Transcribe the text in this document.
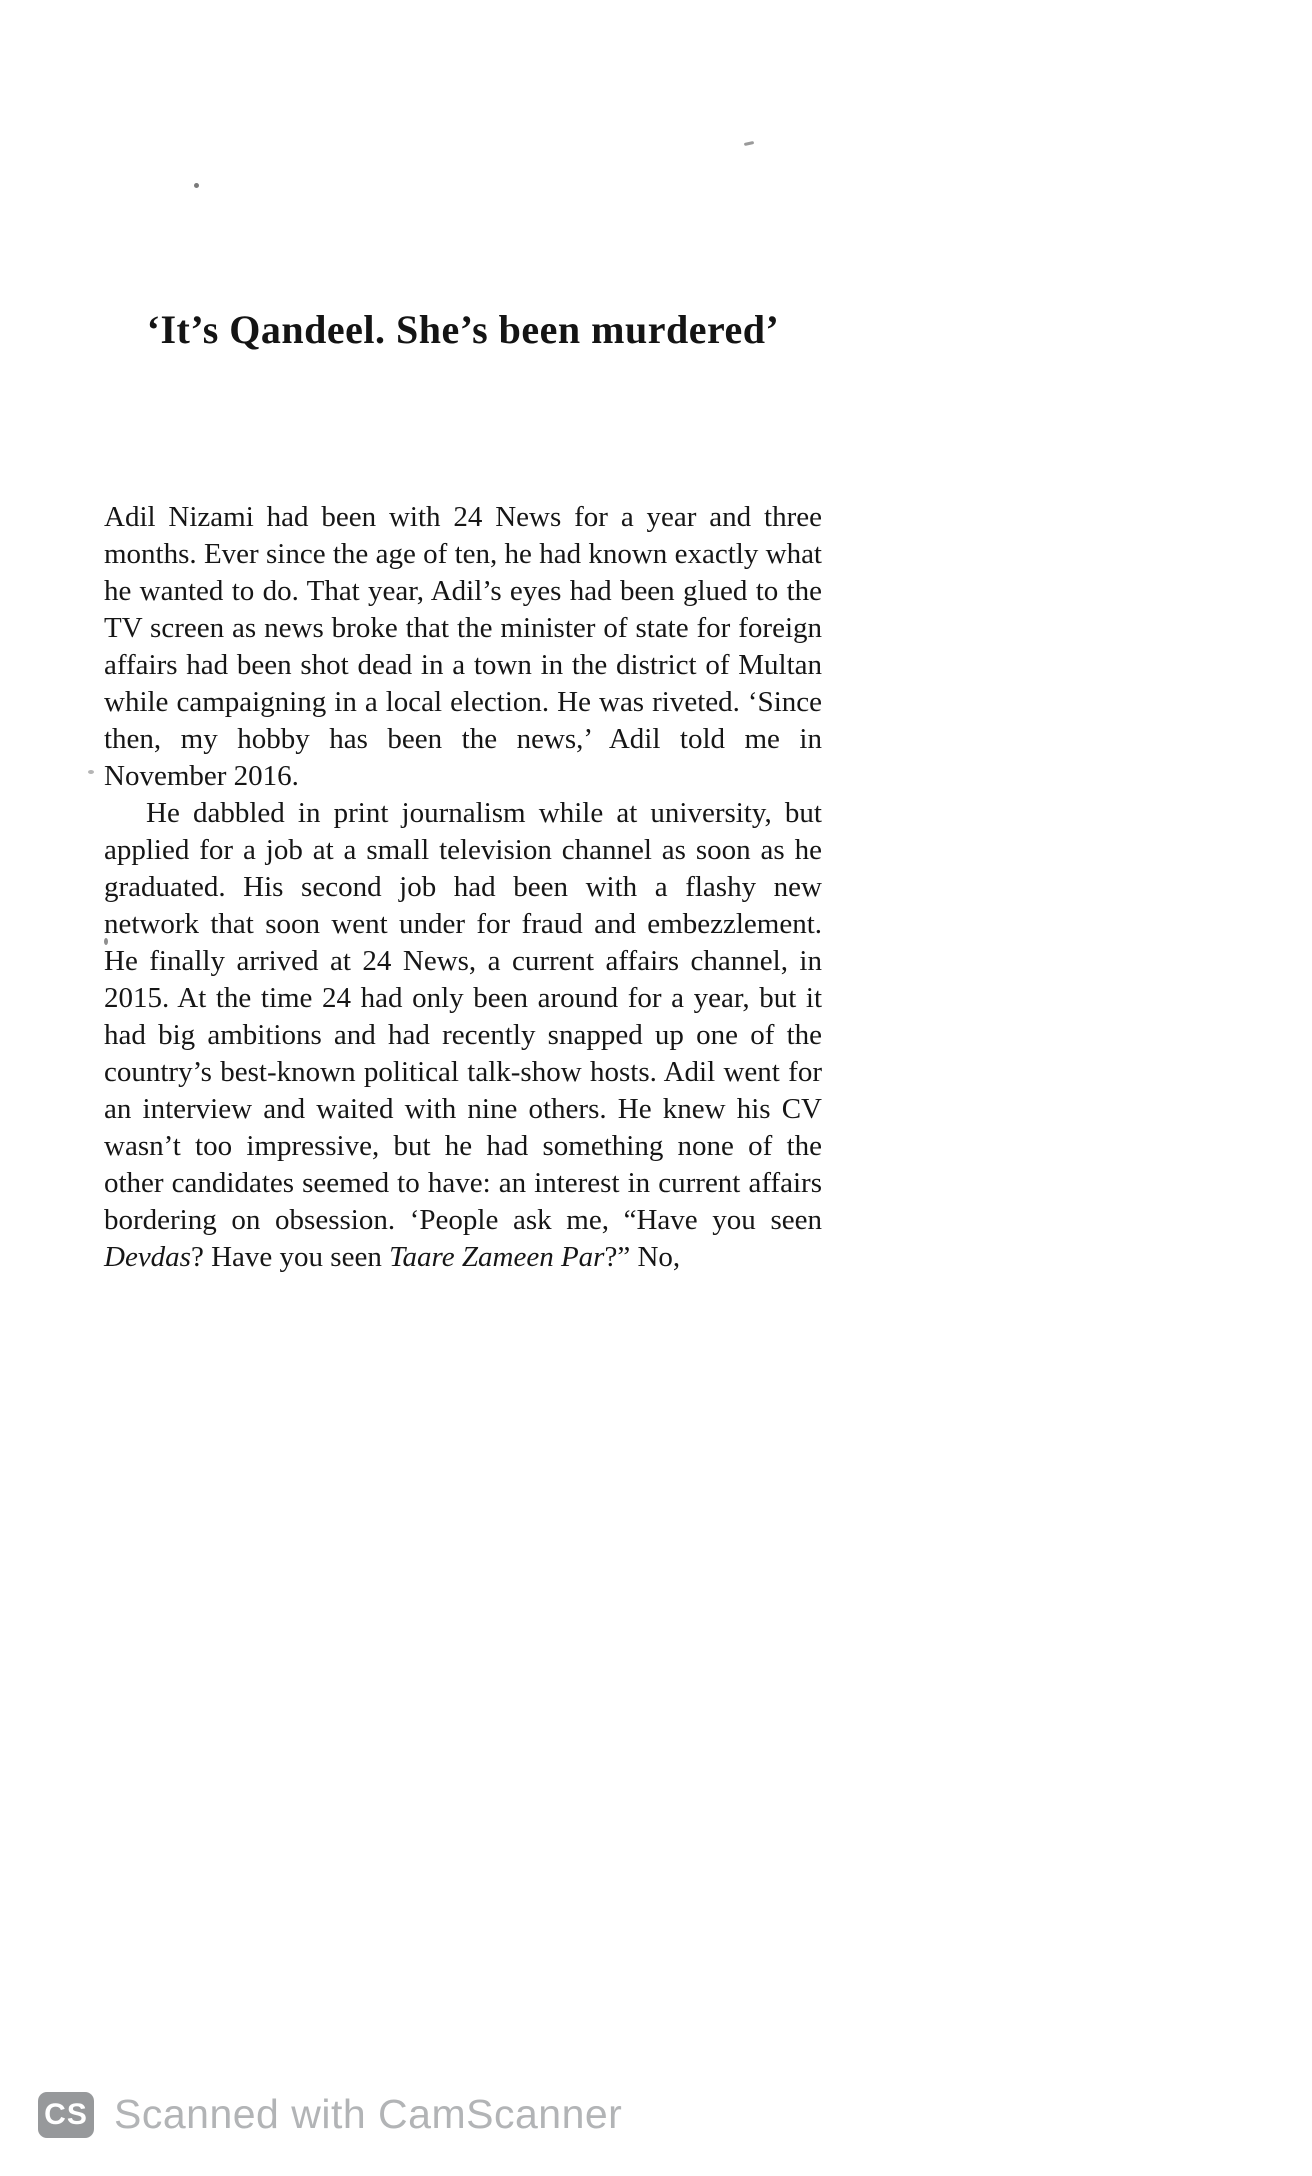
‘It’s Qandeel. She’s been murdered’

Adil Nizami had been with 24 News for a year and three months. Ever since the age of ten, he had known exactly what he wanted to do. That year, Adil’s eyes had been glued to the TV screen as news broke that the minister of state for foreign affairs had been shot dead in a town in the district of Multan while campaigning in a local election. He was riveted. ‘Since then, my hobby has been the news,’ Adil told me in November 2016.

He dabbled in print journalism while at university, but applied for a job at a small television channel as soon as he graduated. His second job had been with a flashy new network that soon went under for fraud and embezzlement. He finally arrived at 24 News, a current affairs channel, in 2015. At the time 24 had only been around for a year, but it had big ambitions and had recently snapped up one of the country’s best-known political talk-show hosts. Adil went for an interview and waited with nine others. He knew his CV wasn’t too impressive, but he had something none of the other candidates seemed to have: an interest in current affairs bordering on obsession. ‘People ask me, “Have you seen Devdas? Have you seen Taare Zameen Par?” No,

CS Scanned with CamScanner
